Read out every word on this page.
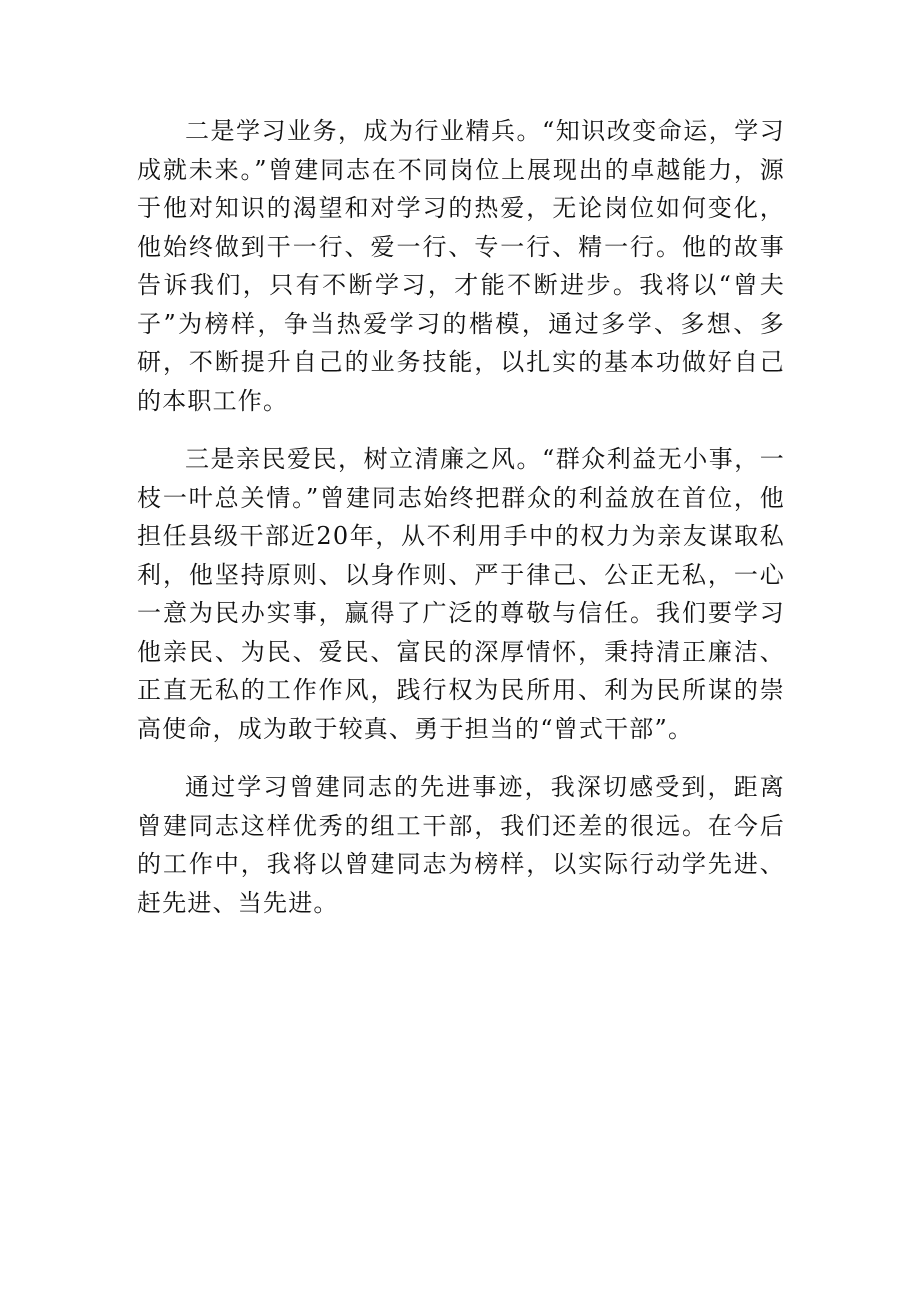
二是学习业务，成为行业精兵。“知识改变命运，学习成就未来。”曾建同志在不同岗位上展现出的卓越能力，源于他对知识的渴望和对学习的热爱，无论岗位如何变化，他始终做到干一行、爱一行、专一行、精一行。他的故事告诉我们，只有不断学习，才能不断进步。我将以“曾夫子”为榜样，争当热爱学习的楷模，通过多学、多想、多研，不断提升自己的业务技能，以扎实的基本功做好自己的本职工作。

三是亲民爱民，树立清廉之风。“群众利益无小事，一枝一叶总关情。”曾建同志始终把群众的利益放在首位，他担任县级干部近20年，从不利用手中的权力为亲友谋取私利，他坚持原则、以身作则、严于律己、公正无私，一心一意为民办实事，赢得了广泛的尊敬与信任。我们要学习他亲民、为民、爱民、富民的深厚情怀，秉持清正廉洁、正直无私的工作作风，践行权为民所用、利为民所谋的崇高使命，成为敢于较真、勇于担当的“曾式干部”。

通过学习曾建同志的先进事迹，我深切感受到，距离曾建同志这样优秀的组工干部，我们还差的很远。在今后的工作中，我将以曾建同志为榜样，以实际行动学先进、赶先进、当先进。
